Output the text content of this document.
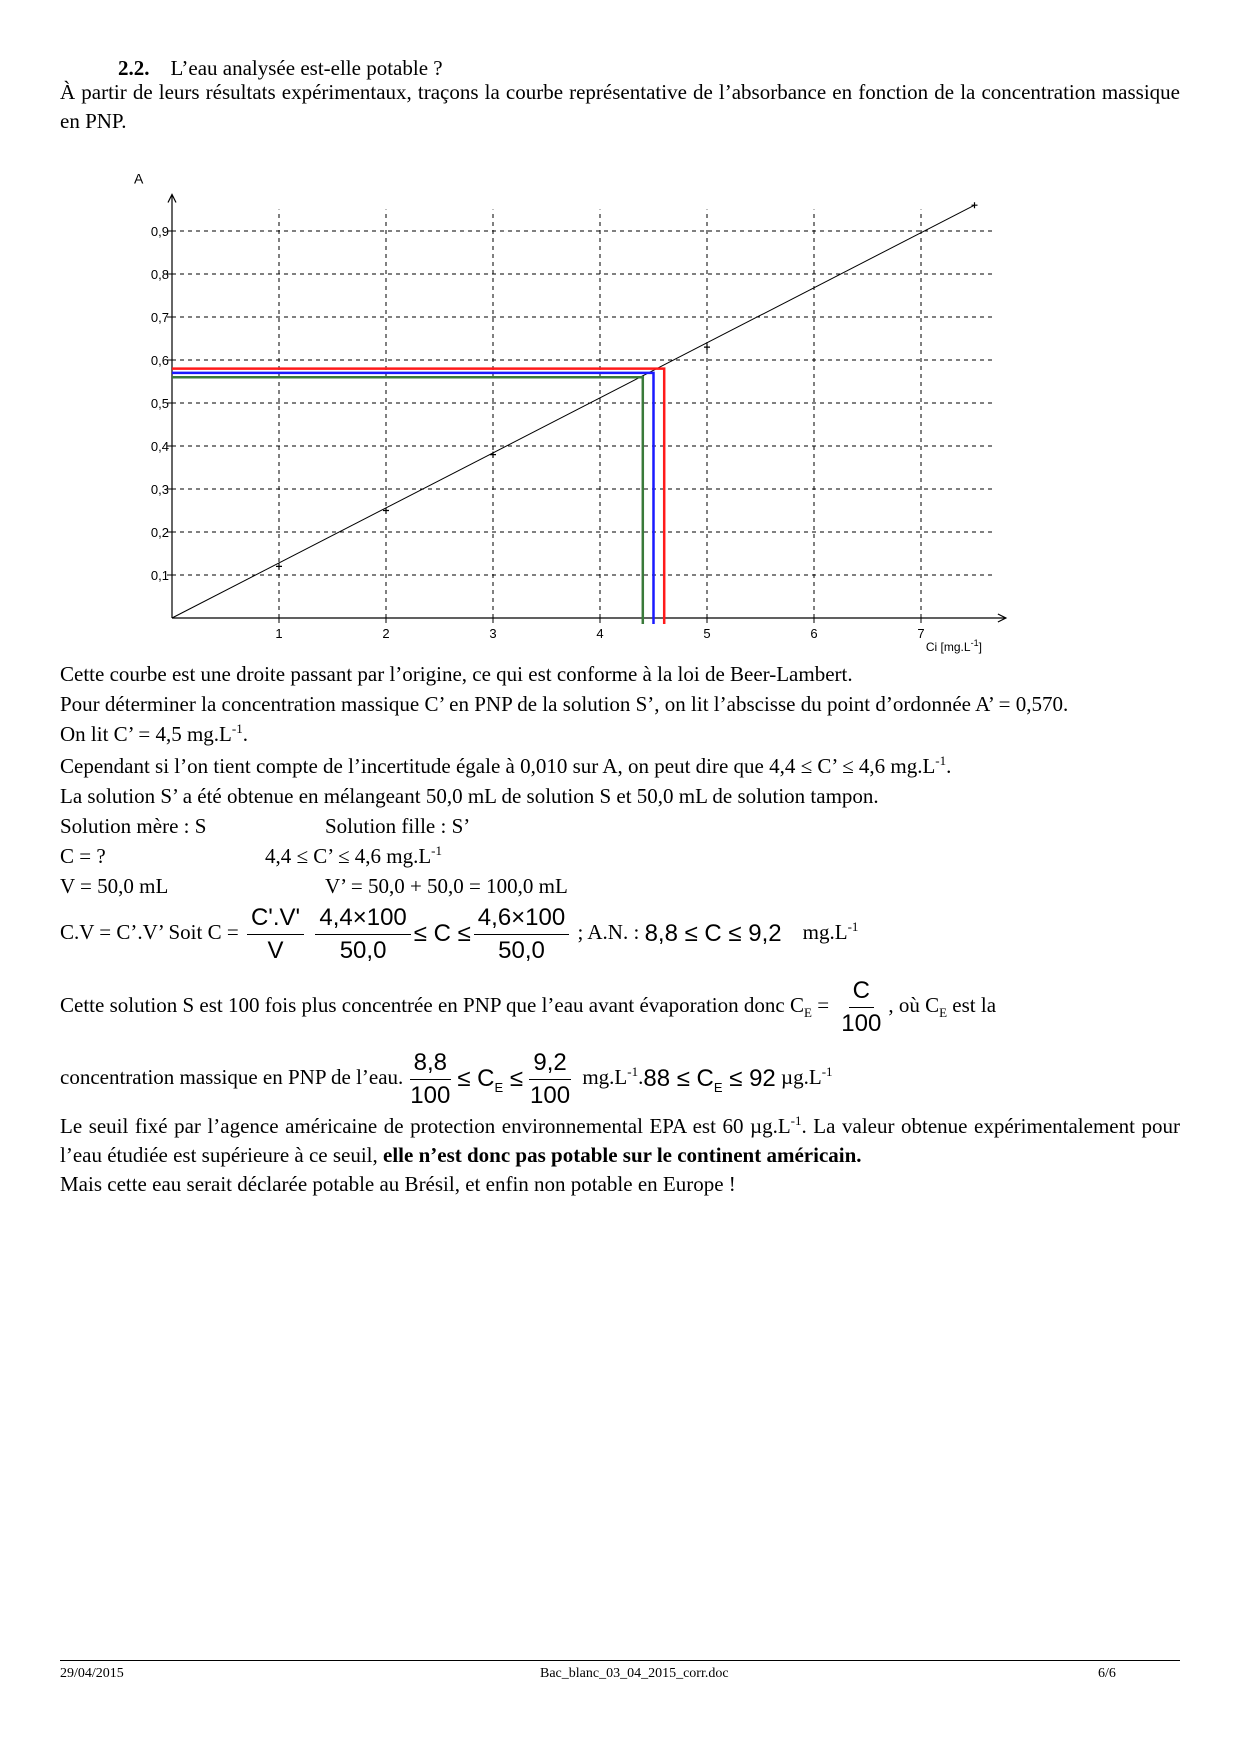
2.2. L’eau analysée est-elle potable ?
À partir de leurs résultats expérimentaux, traçons la courbe représentative de l’absorbance en fonction de la concentration massique en PNP.
1	2	3	4	5	6	7
0,1
0,2
0,3
0,4
0,5
0,6
0,7
0,8
0,9
A
Ci $[mg.L^{-1}]$
Cette courbe est une droite passant par l’origine, ce qui est conforme à la loi de Beer-Lambert.
Pour déterminer la concentration massique C’ en PNP de la solution S’, on lit l’abscisse du point d’ordonnée A’ = 0,570.
On lit C’ = 4,5 $mg.L^{-1}$.
Cependant si l’on tient compte de l’incertitude égale à 0,010 sur A, on peut dire que 4,4 ≤ C’ ≤ 4,6 $mg.L^{-1}$.
La solution S’ a été obtenue en mélangeant 50,0 mL de solution S et 50,0 mL de solution tampon.
Solution mère : S	Solution fille : S’
C = ?	4,4 ≤ C’ ≤ 4,6 $mg.L^{-1}$
V = 50,0 mL	V’ = 50,0 + 50,0 = 100,0 mL
C.V = C’.V’ Soit $C = \frac{C'.V'}{V}$
$\frac{4,4\times 100}{50,0} \le C \le \frac{4,6\times 100}{50,0}$ ; A.N. : 8,8 ≤ C ≤ 9,2 $mg.L^{-1}$
Cette solution S est 100 fois plus concentrée en PNP que l’eau avant évaporation donc $C_E = \frac{C}{100}$ , où $C_E$ est la
concentration massique en PNP de l’eau. $\frac{8,8}{100} \le C_E \le \frac{9,2}{100} mg.L^{-1}.88 \le C_E \le 92$ $\mu g.L^{-1}$
Le seuil fixé par l’agence américaine de protection environnemental EPA est 60 $\mu g.L^{-1}$. La valeur obtenue expérimentalement pour l’eau étudiée est supérieure à ce seuil, elle n’est donc pas potable sur le continent américain.
Mais cette eau serait déclarée potable au Brésil, et enfin non potable en Europe !
29/04/2015	Bac_blanc_03_04_2015_corr.doc	6/6
